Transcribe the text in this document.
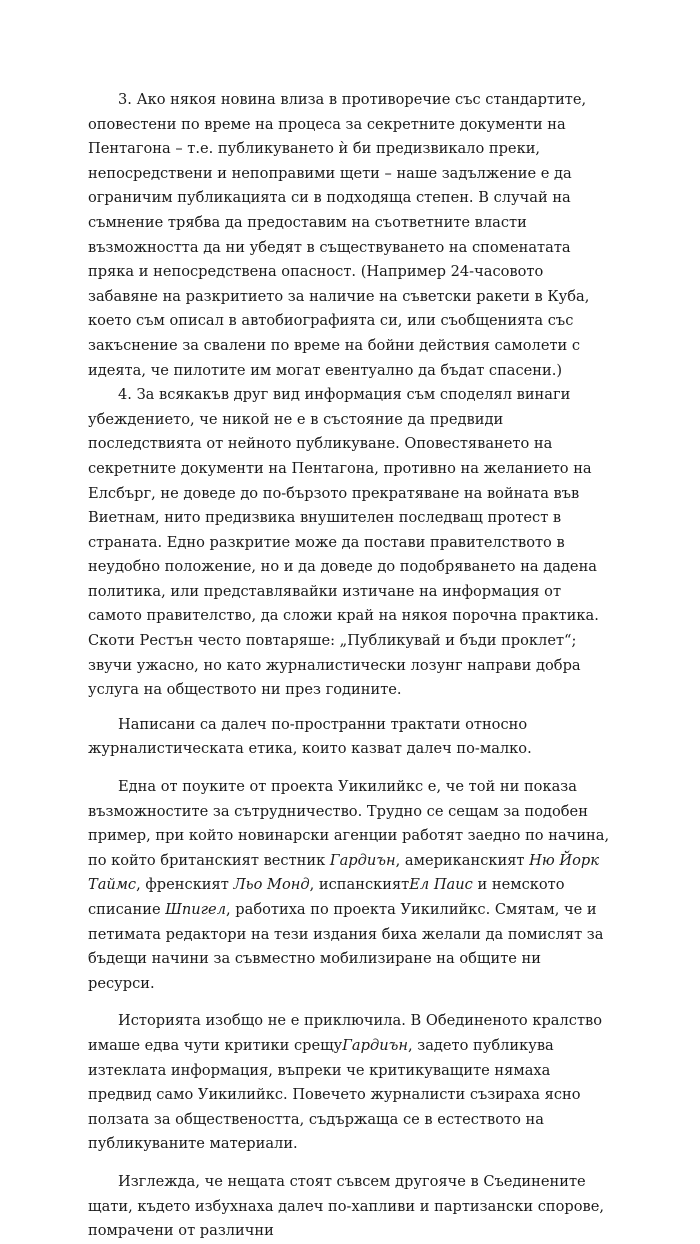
3. Ако някоя новина влиза в противоречие със стандартите, оповестени по време на процеса за секретните документи на Пентагона – т.е. публикуването ѝ би предизвикало преки, непосредствени и непоправими щети – наше задължение е да ограничим публикацията си в подходяща степен. В случай на съмнение трябва да предоставим на съответните власти възможността да ни убедят в съществуването на споменатата пряка и непосредствена опасност. (Например 24-часовото забавяне на разкритието за наличие на съветски ракети в Куба, което съм описал в автобиографията си, или съобщенията със закъснение за свалени по време на бойни действия самолети с идеята, че пилотите им могат евентуално да бъдат спасени.)

4. За всякакъв друг вид информация съм споделял винаги убеждението, че никой не е в състояние да предвиди последствията от нейното публикуване. Оповестяването на секретните документи на Пентагона, противно на желанието на Елсбърг, не доведе до по-бързото прекратяване на войната във Виетнам, нито предизвика внушителен последващ протест в страната. Едно разкритие може да постави правителството в неудобно положение, но и да доведе до подобряването на дадена политика, или представлявайки изтичане на информация от самото правителство, да сложи край на някоя порочна практика. Скоти Рестън често повтаряше: „Публикувай и бъди проклет“; звучи ужасно, но като журналистически лозунг направи добра услуга на обществото ни през годините.

Написани са далеч по-пространни трактати относно журналистическата етика, които казват далеч по-малко.

Една от поуките от проекта Уикилийкс е, че той ни показа възможностите за сътрудничество. Трудно се сещам за подобен пример, при който новинарски агенции работят заедно по начина, по който британският вестник Гардиън, американският Ню Йорк Таймс, френският Льо Монд, испанскиятЕл Паис и немското списание Шпигел, работиха по проекта Уикилийкс. Смятам, че и петимата редактори на тези издания биха желали да помислят за бъдещи начини за съвместно мобилизиране на общите ни ресурси.

Историята изобщо не е приключила. В Обединеното кралство имаше едва чути критики срещуГардиън, задето публикува изтеклата информация, въпреки че критикуващите нямаха предвид само Уикилийкс. Повечето журналисти съзираха ясно ползата за обществеността, съдържаща се в естеството на публикуваните материали.

Изглежда, че нещата стоят съвсем другояче в Съединените щати, където избухнаха далеч по-хапливи и партизански спорове, помрачени от различни
